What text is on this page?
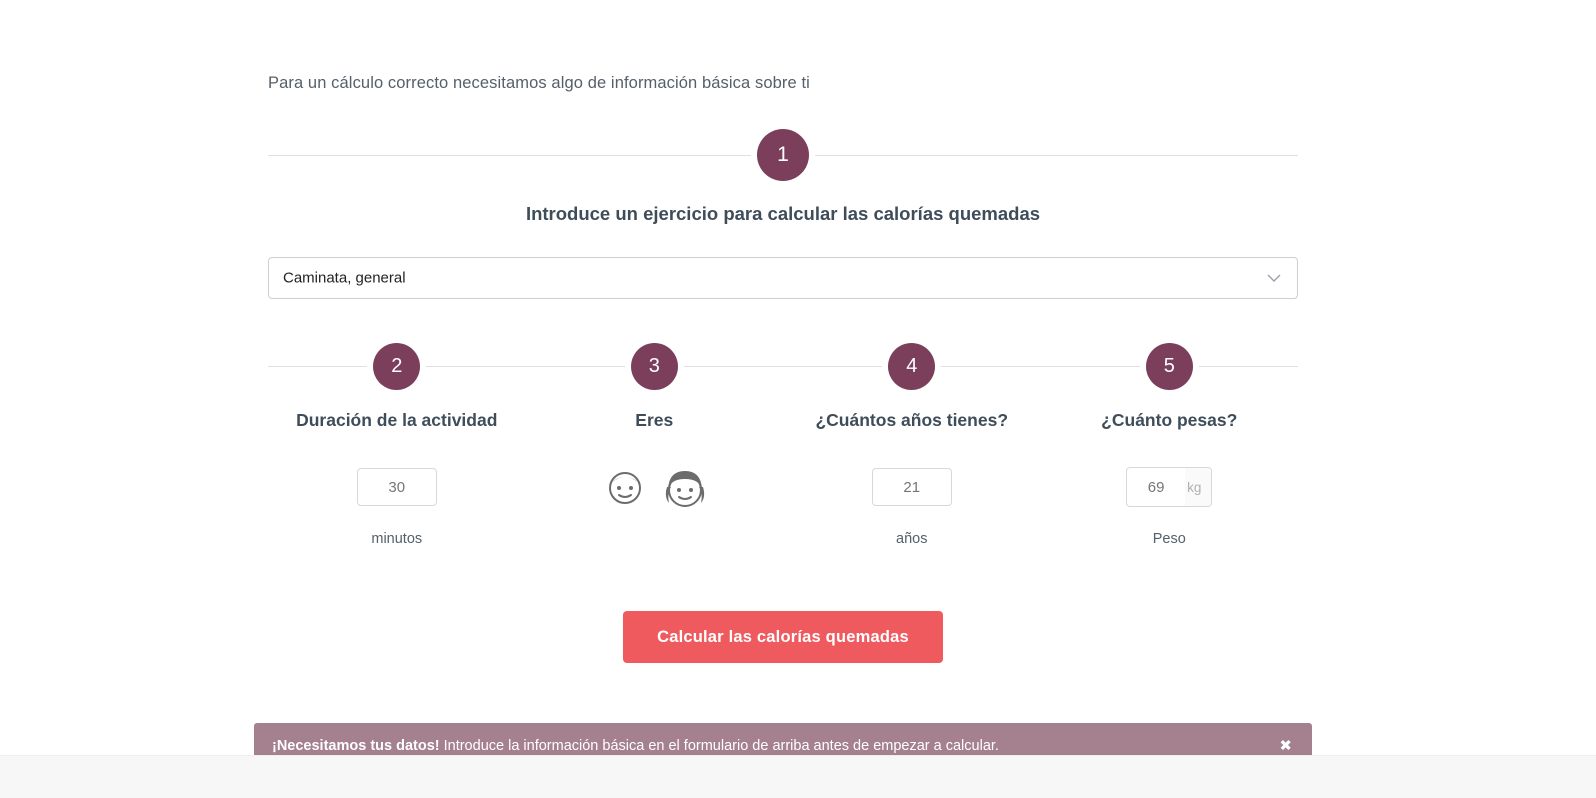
Para un cálculo correcto necesitamos algo de información básica sobre ti
1
Introduce un ejercicio para calcular las calorías quemadas
Caminata, general
2
Duración de la actividad
30
minutos
3
Eres
4
¿Cuántos años tienes?
21
años
5
¿Cuánto pesas?
69
kg
Peso
Calcular las calorías quemadas
¡Necesitamos tus datos! Introduce la información básica en el formulario de arriba antes de empezar a calcular.	✖
